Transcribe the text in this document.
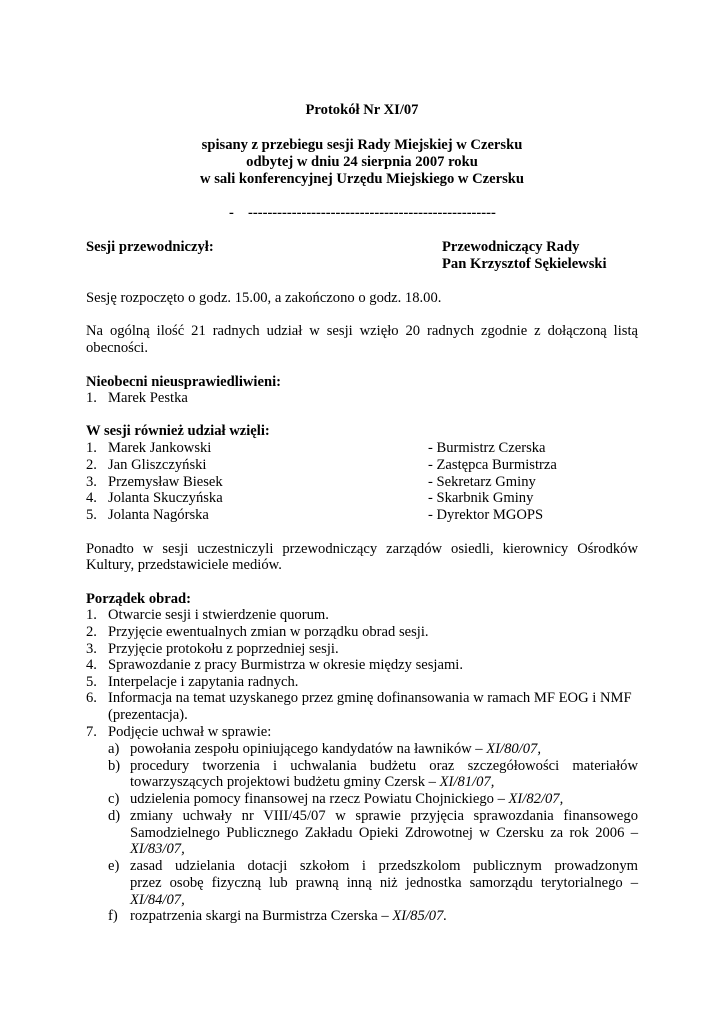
Protokół Nr XI/07
spisany z przebiegu sesji Rady Miejskiej w Czersku
odbytej w dniu 24 sierpnia 2007 roku
w sali konferencyjnej Urzędu Miejskiego w Czersku
- ---------------------------------------------------
Sesji przewodniczył:	Przewodniczący Rady
Pan Krzysztof Sękielewski
Sesję rozpoczęto o godz. 15.00, a zakończono o godz. 18.00.
Na ogólną ilość 21 radnych udział w sesji wzięło 20 radnych zgodnie z dołączoną listą
obecności.
Nieobecni nieusprawiedliwieni:
1. Marek Pestka
W sesji również udział wzięli:
1. Marek Jankowski	- Burmistrz Czerska
2. Jan Gliszczyński	- Zastępca Burmistrza
3. Przemysław Biesek	- Sekretarz Gminy
4. Jolanta Skuczyńska	- Skarbnik Gminy
5. Jolanta Nagórska	- Dyrektor MGOPS
Ponadto w sesji uczestniczyli przewodniczący zarządów osiedli, kierownicy Ośrodków
Kultury, przedstawiciele mediów.
Porządek obrad:
1. Otwarcie sesji i stwierdzenie quorum.
2. Przyjęcie ewentualnych zmian w porządku obrad sesji.
3. Przyjęcie protokołu z poprzedniej sesji.
4. Sprawozdanie z pracy Burmistrza w okresie między sesjami.
5. Interpelacje i zapytania radnych.
6. Informacja na temat uzyskanego przez gminę dofinansowania w ramach MF EOG i NMF
(prezentacja).
7. Podjęcie uchwał w sprawie:
a) powołania zespołu opiniującego kandydatów na ławników – XI/80/07,
b) procedury tworzenia i uchwalania budżetu oraz szczegółowości materiałów
towarzyszących projektowi budżetu gminy Czersk – XI/81/07,
c) udzielenia pomocy finansowej na rzecz Powiatu Chojnickiego – XI/82/07,
d) zmiany uchwały nr VIII/45/07 w sprawie przyjęcia sprawozdania finansowego
Samodzielnego Publicznego Zakładu Opieki Zdrowotnej w Czersku za rok 2006 –
XI/83/07,
e) zasad udzielania dotacji szkołom i przedszkolom publicznym prowadzonym
przez osobę fizyczną lub prawną inną niż jednostka samorządu terytorialnego –
XI/84/07,
f) rozpatrzenia skargi na Burmistrza Czerska – XI/85/07.
